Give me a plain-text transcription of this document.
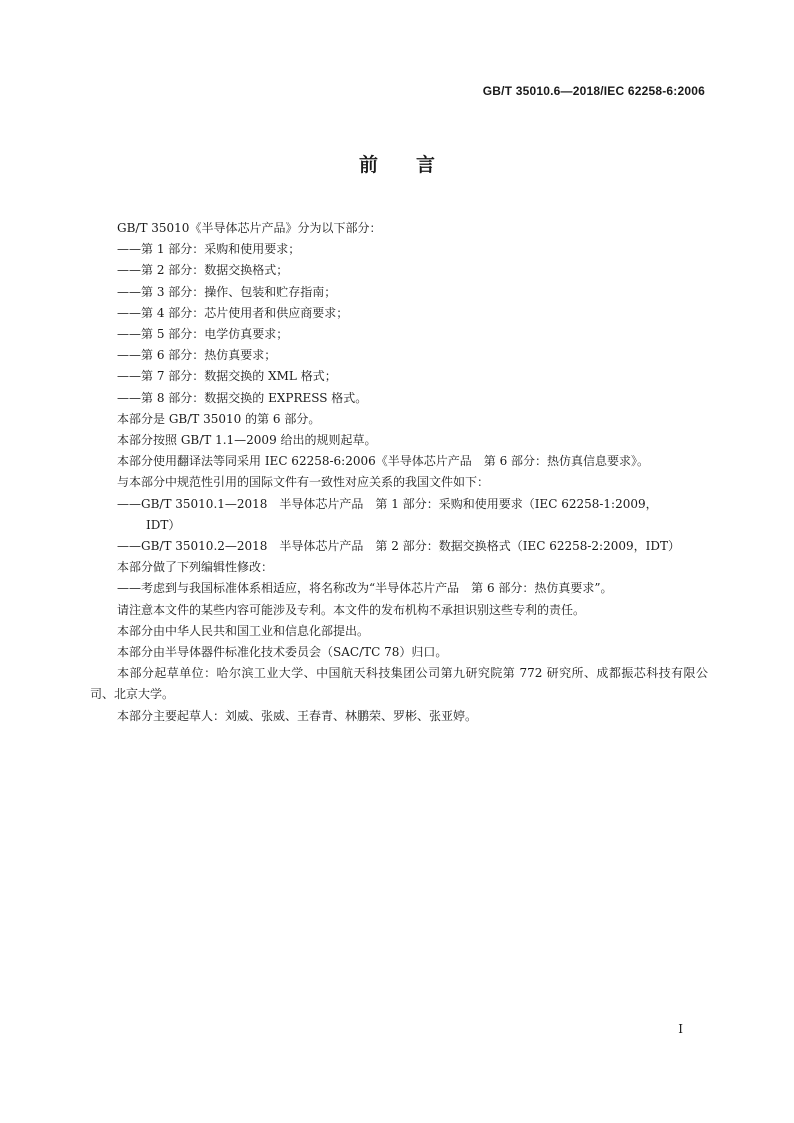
GB/T 35010.6—2018/IEC 62258-6:2006
前言
GB/T 35010《半导体芯片产品》分为以下部分：
——第 1 部分：采购和使用要求；
——第 2 部分：数据交换格式；
——第 3 部分：操作、包装和贮存指南；
——第 4 部分：芯片使用者和供应商要求；
——第 5 部分：电学仿真要求；
——第 6 部分：热仿真要求；
——第 7 部分：数据交换的 XML 格式；
——第 8 部分：数据交换的 EXPRESS 格式。
本部分是 GB/T 35010 的第 6 部分。
本部分按照 GB/T 1.1—2009 给出的规则起草。
本部分使用翻译法等同采用 IEC 62258-6:2006《半导体芯片产品　第 6 部分：热仿真信息要求》。
与本部分中规范性引用的国际文件有一致性对应关系的我国文件如下：
——GB/T 35010.1—2018　半导体芯片产品　第 1 部分：采购和使用要求（IEC 62258-1:2009，
IDT）
——GB/T 35010.2—2018　半导体芯片产品　第 2 部分：数据交换格式（IEC 62258-2:2009，IDT）
本部分做了下列编辑性修改：
——考虑到与我国标准体系相适应，将名称改为“半导体芯片产品　第 6 部分：热仿真要求”。
请注意本文件的某些内容可能涉及专利。本文件的发布机构不承担识别这些专利的责任。
本部分由中华人民共和国工业和信息化部提出。
本部分由半导体器件标准化技术委员会（SAC/TC 78）归口。
本部分起草单位：哈尔滨工业大学、中国航天科技集团公司第九研究院第 772 研究所、成都振芯科技有限公司、北京大学。
本部分主要起草人：刘威、张威、王春青、林鹏荣、罗彬、张亚婷。
I
